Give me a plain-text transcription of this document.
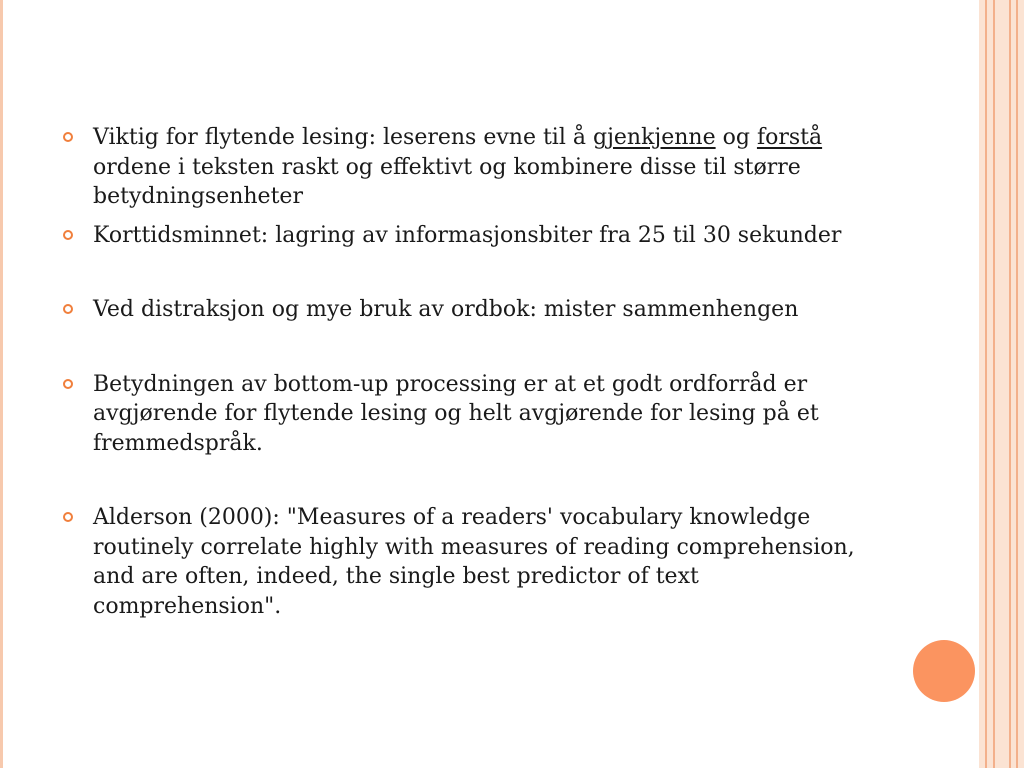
Viktig for flytende lesing: leserens evne til å gjenkjenne og forstå ordene i teksten raskt og effektivt og kombinere disse til større betydningsenheter
Korttidsminnet: lagring av informasjonsbiter fra 25 til 30 sekunder
Ved distraksjon og mye bruk av ordbok: mister sammenhengen
Betydningen av bottom-up processing er at et godt ordforråd er avgjørende for flytende lesing og helt avgjørende for lesing på et fremmedspråk.
Alderson (2000): "Measures of a readers' vocabulary knowledge routinely correlate highly with measures of reading comprehension, and are often, indeed, the single best predictor of text comprehension".
